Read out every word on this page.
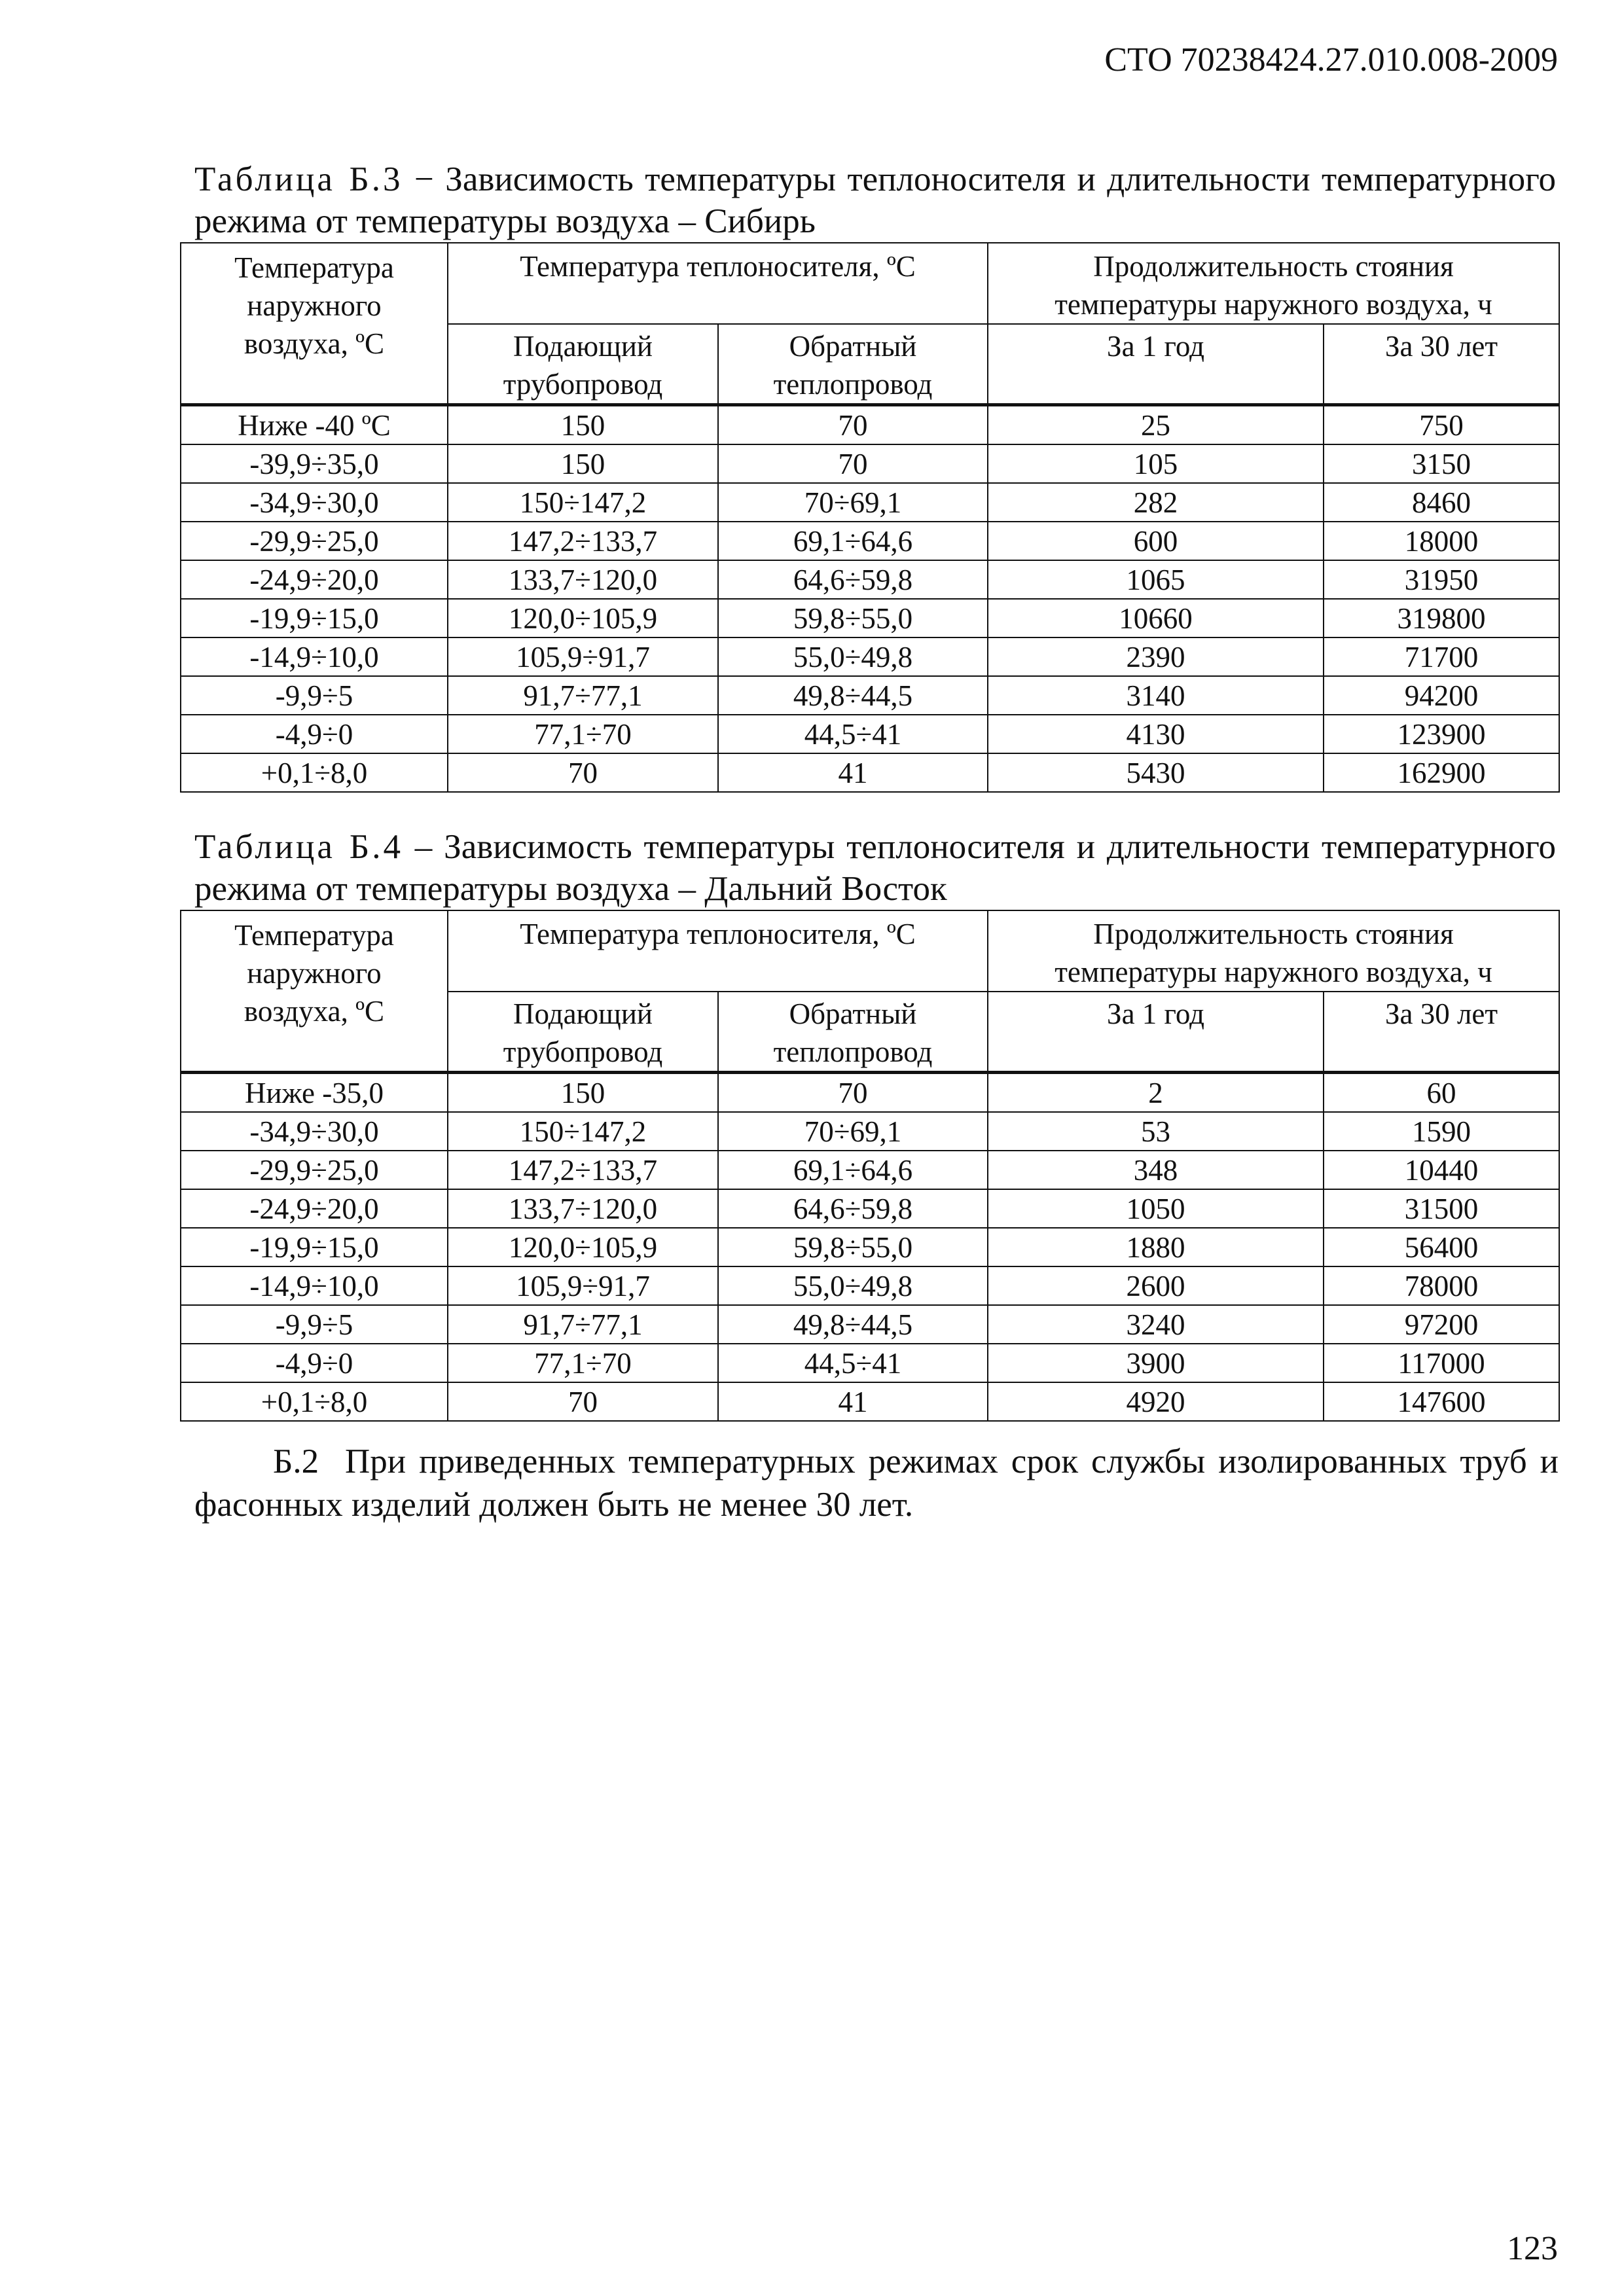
СТО 70238424.27.010.008-2009
Таблица Б.3 − Зависимость температуры теплоносителя и длительности температурного режима от температуры воздуха – Сибирь
Температура наружного воздуха, ºС	Температура теплоносителя, ºС		Продолжительность стояния температуры наружного воздуха, ч	
	Подающий трубопровод	Обратный теплопровод	За 1 год	За 30 лет
Ниже -40 ºС	150	70	25	750
-39,9÷35,0	150	70	105	3150
-34,9÷30,0	150÷147,2	70÷69,1	282	8460
-29,9÷25,0	147,2÷133,7	69,1÷64,6	600	18000
-24,9÷20,0	133,7÷120,0	64,6÷59,8	1065	31950
-19,9÷15,0	120,0÷105,9	59,8÷55,0	10660	319800
-14,9÷10,0	105,9÷91,7	55,0÷49,8	2390	71700
-9,9÷5	91,7÷77,1	49,8÷44,5	3140	94200
-4,9÷0	77,1÷70	44,5÷41	4130	123900
+0,1÷8,0	70	41	5430	162900
Таблица Б.4 – Зависимость температуры теплоносителя и длительности температурного режима от температуры воздуха – Дальний Восток
Температура наружного воздуха, ºС	Температура теплоносителя, ºС		Продолжительность стояния температуры наружного воздуха, ч	
	Подающий трубопровод	Обратный теплопровод	За 1 год	За 30 лет
Ниже -35,0	150	70	2	60
-34,9÷30,0	150÷147,2	70÷69,1	53	1590
-29,9÷25,0	147,2÷133,7	69,1÷64,6	348	10440
-24,9÷20,0	133,7÷120,0	64,6÷59,8	1050	31500
-19,9÷15,0	120,0÷105,9	59,8÷55,0	1880	56400
-14,9÷10,0	105,9÷91,7	55,0÷49,8	2600	78000
-9,9÷5	91,7÷77,1	49,8÷44,5	3240	97200
-4,9÷0	77,1÷70	44,5÷41	3900	117000
+0,1÷8,0	70	41	4920	147600
Б.2 При приведенных температурных режимах срок службы изолированных труб и фасонных изделий должен быть не менее 30 лет.
123
